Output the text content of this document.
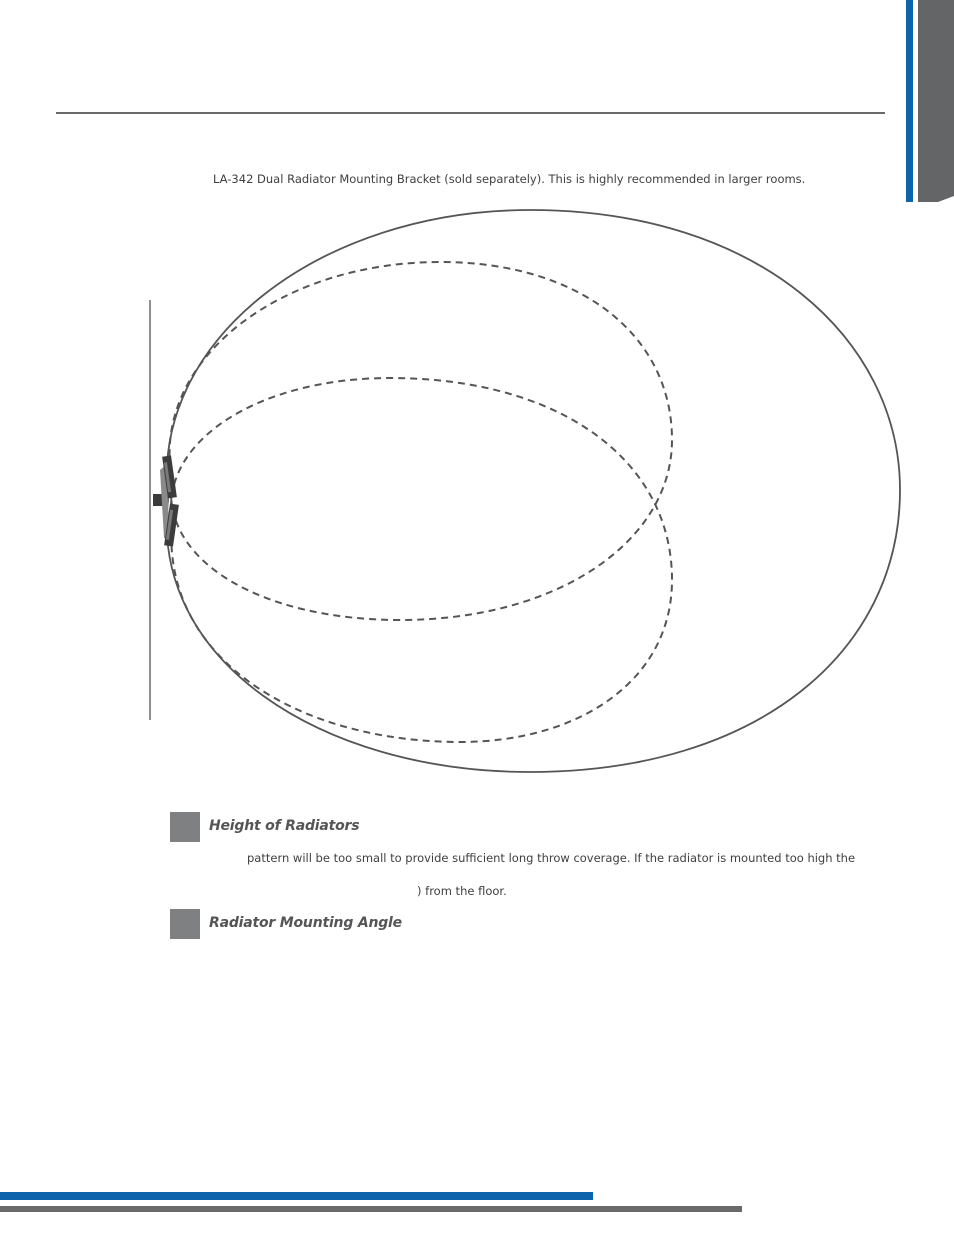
LA-342 Dual Radiator Mounting Bracket (sold separately). This is highly recommended in larger rooms.
Height of Radiators
pattern will be too small to provide sufficient long throw coverage. If the radiator is mounted too high the
) from the floor.
Radiator Mounting Angle
